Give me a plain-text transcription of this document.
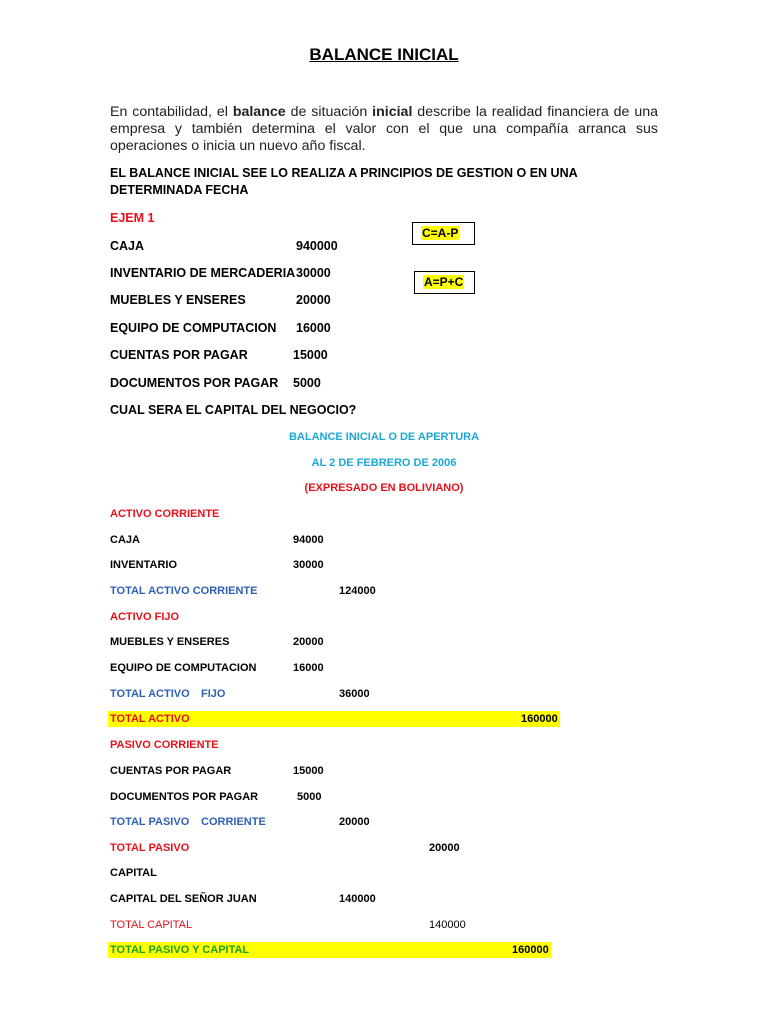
BALANCE INICIAL
En contabilidad, el balance de situación inicial describe la realidad financiera de una empresa y también determina el valor con el que una compañía arranca sus operaciones o inicia un nuevo año fiscal.
EL BALANCE INICIAL SEE LO REALIZA A PRINCIPIOS DE GESTION O EN UNA DETERMINADA FECHA
EJEM 1
C=A-P
A=P+C
CAJA	940000
INVENTARIO DE MERCADERIA 30000
MUEBLES Y ENSERES	20000
EQUIPO DE COMPUTACION 16000
CUENTAS POR PAGAR	15000
DOCUMENTOS POR PAGAR 5000
CUAL SERA EL CAPITAL DEL NEGOCIO?
BALANCE INICIAL O DE APERTURA
AL 2 DE FEBRERO DE 2006
(EXPRESADO EN BOLIVIANO)
ACTIVO CORRIENTE
CAJA	94000
INVENTARIO	30000
TOTAL ACTIVO CORRIENTE	124000
ACTIVO FIJO
MUEBLES Y ENSERES	20000
EQUIPO DE COMPUTACION	16000
TOTAL ACTIVO FIJO	36000
TOTAL ACTIVO	160000
PASIVO CORRIENTE
CUENTAS POR PAGAR	15000
DOCUMENTOS POR PAGAR	5000
TOTAL PASIVO CORRIENTE	20000
TOTAL PASIVO	20000
CAPITAL
CAPITAL DEL SEÑOR JUAN	140000
TOTAL CAPITAL	140000
TOTAL PASIVO Y CAPITAL	160000
